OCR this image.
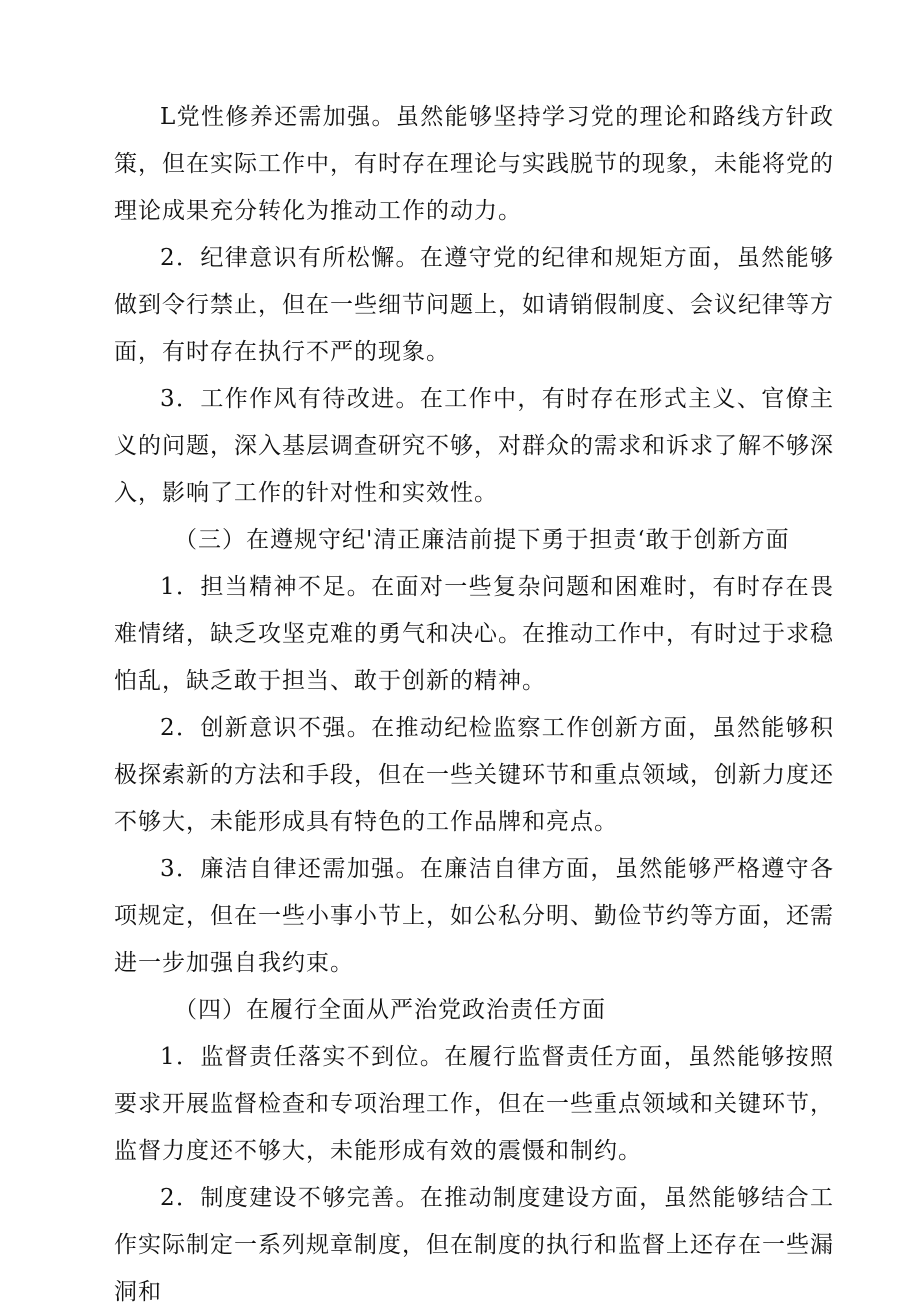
L党性修养还需加强。虽然能够坚持学习党的理论和路线方针政策，但在实际工作中，有时存在理论与实践脱节的现象，未能将党的理论成果充分转化为推动工作的动力。

2．纪律意识有所松懈。在遵守党的纪律和规矩方面，虽然能够做到令行禁止，但在一些细节问题上，如请销假制度、会议纪律等方面，有时存在执行不严的现象。

3．工作作风有待改进。在工作中，有时存在形式主义、官僚主义的问题，深入基层调查研究不够，对群众的需求和诉求了解不够深入，影响了工作的针对性和实效性。

（三）在遵规守纪'清正廉洁前提下勇于担责‘敢于创新方面

1．担当精神不足。在面对一些复杂问题和困难时，有时存在畏难情绪，缺乏攻坚克难的勇气和决心。在推动工作中，有时过于求稳怕乱，缺乏敢于担当、敢于创新的精神。

2．创新意识不强。在推动纪检监察工作创新方面，虽然能够积极探索新的方法和手段，但在一些关键环节和重点领域，创新力度还不够大，未能形成具有特色的工作品牌和亮点。

3．廉洁自律还需加强。在廉洁自律方面，虽然能够严格遵守各项规定，但在一些小事小节上，如公私分明、勤俭节约等方面，还需进一步加强自我约束。

（四）在履行全面从严治党政治责任方面

1．监督责任落实不到位。在履行监督责任方面，虽然能够按照要求开展监督检查和专项治理工作，但在一些重点领域和关键环节，监督力度还不够大，未能形成有效的震慑和制约。

2．制度建设不够完善。在推动制度建设方面，虽然能够结合工作实际制定一系列规章制度，但在制度的执行和监督上还存在一些漏洞和
